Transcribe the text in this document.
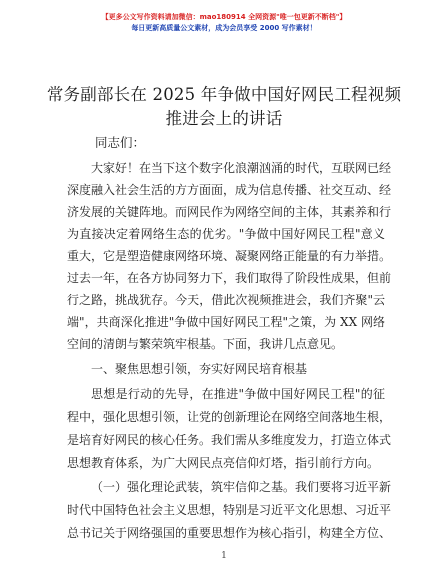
【更多公文写作资料请加微信：mao180914 全网资源"唯一包更新不断档"】
每日更新高质量公文素材，成为会员享受 2000 写作素材！
常务副部长在 2025 年争做中国好网民工程视频
推进会上的讲话
同志们：
大家好！在当下这个数字化浪潮汹涌的时代，互联网已经
深度融入社会生活的方方面面，成为信息传播、社交互动、经
济发展的关键阵地。而网民作为网络空间的主体，其素养和行
为直接决定着网络生态的优劣。"争做中国好网民工程"意义
重大，它是塑造健康网络环境、凝聚网络正能量的有力举措。
过去一年，在各方协同努力下，我们取得了阶段性成果，但前
行之路，挑战犹存。今天，借此次视频推进会，我们齐聚"云
端"，共商深化推进"争做中国好网民工程"之策，为 XX 网络
空间的清朗与繁荣筑牢根基。下面，我讲几点意见。
一、聚焦思想引领，夯实好网民培育根基
思想是行动的先导，在推进"争做中国好网民工程"的征
程中，强化思想引领，让党的创新理论在网络空间落地生根，
是培育好网民的核心任务。我们需从多维度发力，打造立体式
思想教育体系，为广大网民点亮信仰灯塔，指引前行方向。
（一）强化理论武装，筑牢信仰之基。我们要将习近平新
时代中国特色社会主义思想，特别是习近平文化思想、习近平
总书记关于网络强国的重要思想作为核心指引，构建全方位、
1
